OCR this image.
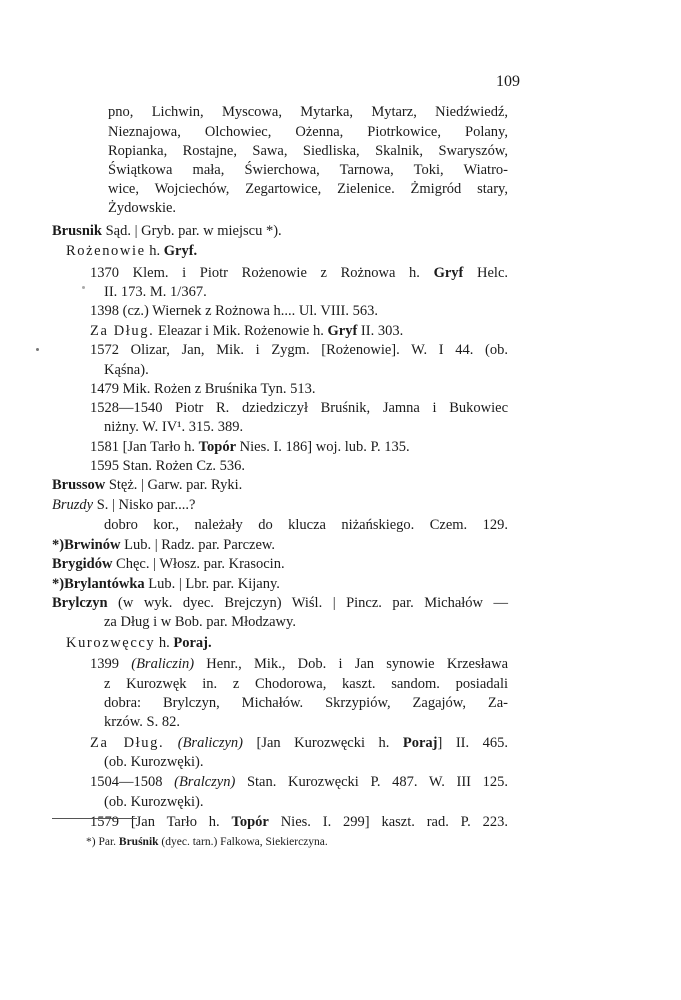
109
pno, Lichwin, Myscowa, Mytarka, Mytarz, Niedźwiedź,
Nieznajowa, Olchowiec, Ożenna, Piotrkowice, Polany,
Ropianka, Rostajne, Sawa, Siedliska, Skalnik, Swaryszów,
Świątkowa mała, Świerchowa, Tarnowa, Toki, Wiatro-
wice, Wojciechów, Zegartowice, Zielenice. Żmigród stary,
Żydowskie.
Brusnik Sąd. | Gryb. par. w miejscu *).
Rożenowie h. Gryf.
1370 Klem. i Piotr Rożenowie z Rożnowa h. Gryf Helc.
II. 173. M. 1/367.
1398 (cz.) Wiernek z Rożnowa h.... Ul. VIII. 563.
Za Dług. Eleazar i Mik. Rożenowie h. Gryf II. 303.
1572 Olizar, Jan, Mik. i Zygm. [Rożenowie]. W. I 44. (ob.
Kąśna).
1479 Mik. Rożen z Bruśnika Tyn. 513.
1528—1540 Piotr R. dziedziczył Bruśnik, Jamna i Bukowiec
niżny. W. IV¹. 315. 389.
1581 [Jan Tarło h. Topór Nies. I. 186] woj. lub. P. 135.
1595 Stan. Rożen Cz. 536.
Brussow Stęż. | Garw. par. Ryki.
Bruzdy S. | Nisko par....?
dobro kor., należały do klucza niżańskiego. Czem. 129.
*)Brwinów Lub. | Radz. par. Parczew.
Brygidów Chęc. | Włosz. par. Krasocin.
*)Brylantówka Lub. | Lbr. par. Kijany.
Brylczyn (w wyk. dyec. Brejczyn) Wiśl. | Pincz. par. Michałów —
za Dług i w Bob. par. Młodzawy.
Kurozwęccy h. Poraj.
1399 (Braliczin) Henr., Mik., Dob. i Jan synowie Krzesława
z Kurozwęk in. z Chodorowa, kaszt. sandom. posiadali
dobra: Brylczyn, Michałów. Skrzypiów, Zagajów, Za-
krzów. S. 82.
Za Dług. (Braliczyn) [Jan Kurozwęcki h. Poraj] II. 465.
(ob. Kurozwęki).
1504—1508 (Bralczyn) Stan. Kurozwęcki P. 487. W. III 125.
(ob. Kurozwęki).
1579 [Jan Tarło h. Topór Nies. I. 299] kaszt. rad. P. 223.
*) Par. Bruśnik (dyec. tarn.) Falkowa, Siekierczyna.
